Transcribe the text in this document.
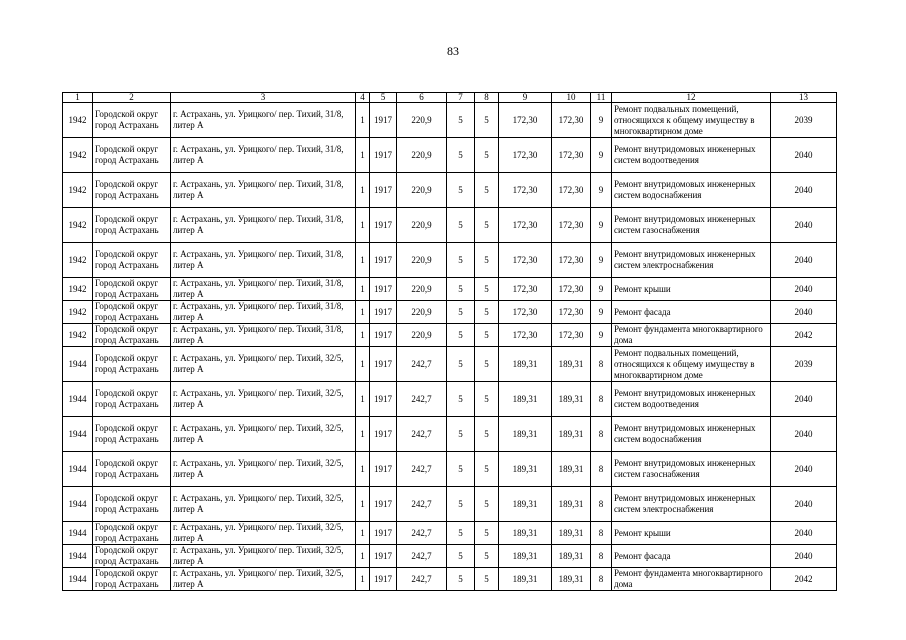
83
1	2	3	4	5	6	7	8	9	10	11	12	13
1942	Городской округ город Астрахань	г. Астрахань, ул. Урицкого/ пер. Тихий, 31/8, литер А	1	1917	220,9	5	5	172,30	172,30	9	Ремонт подвальных помещений, относящихся к общему имуществу в многоквартирном доме	2039
1942	Городской округ город Астрахань	г. Астрахань, ул. Урицкого/ пер. Тихий, 31/8, литер А	1	1917	220,9	5	5	172,30	172,30	9	Ремонт внутридомовых инженерных систем водоотведения	2040
1942	Городской округ город Астрахань	г. Астрахань, ул. Урицкого/ пер. Тихий, 31/8, литер А	1	1917	220,9	5	5	172,30	172,30	9	Ремонт внутридомовых инженерных систем водоснабжения	2040
1942	Городской округ город Астрахань	г. Астрахань, ул. Урицкого/ пер. Тихий, 31/8, литер А	1	1917	220,9	5	5	172,30	172,30	9	Ремонт внутридомовых инженерных систем газоснабжения	2040
1942	Городской округ город Астрахань	г. Астрахань, ул. Урицкого/ пер. Тихий, 31/8, литер А	1	1917	220,9	5	5	172,30	172,30	9	Ремонт внутридомовых инженерных систем электроснабжения	2040
1942	Городской округ город Астрахань	г. Астрахань, ул. Урицкого/ пер. Тихий, 31/8, литер А	1	1917	220,9	5	5	172,30	172,30	9	Ремонт крыши	2040
1942	Городской округ город Астрахань	г. Астрахань, ул. Урицкого/ пер. Тихий, 31/8, литер А	1	1917	220,9	5	5	172,30	172,30	9	Ремонт фасада	2040
1942	Городской округ город Астрахань	г. Астрахань, ул. Урицкого/ пер. Тихий, 31/8, литер А	1	1917	220,9	5	5	172,30	172,30	9	Ремонт фундамента многоквартирного дома	2042
1944	Городской округ город Астрахань	г. Астрахань, ул. Урицкого/ пер. Тихий, 32/5, литер А	1	1917	242,7	5	5	189,31	189,31	8	Ремонт подвальных помещений, относящихся к общему имуществу в многоквартирном доме	2039
1944	Городской округ город Астрахань	г. Астрахань, ул. Урицкого/ пер. Тихий, 32/5, литер А	1	1917	242,7	5	5	189,31	189,31	8	Ремонт внутридомовых инженерных систем водоотведения	2040
1944	Городской округ город Астрахань	г. Астрахань, ул. Урицкого/ пер. Тихий, 32/5, литер А	1	1917	242,7	5	5	189,31	189,31	8	Ремонт внутридомовых инженерных систем водоснабжения	2040
1944	Городской округ город Астрахань	г. Астрахань, ул. Урицкого/ пер. Тихий, 32/5, литер А	1	1917	242,7	5	5	189,31	189,31	8	Ремонт внутридомовых инженерных систем газоснабжения	2040
1944	Городской округ город Астрахань	г. Астрахань, ул. Урицкого/ пер. Тихий, 32/5, литер А	1	1917	242,7	5	5	189,31	189,31	8	Ремонт внутридомовых инженерных систем электроснабжения	2040
1944	Городской округ город Астрахань	г. Астрахань, ул. Урицкого/ пер. Тихий, 32/5, литер А	1	1917	242,7	5	5	189,31	189,31	8	Ремонт крыши	2040
1944	Городской округ город Астрахань	г. Астрахань, ул. Урицкого/ пер. Тихий, 32/5, литер А	1	1917	242,7	5	5	189,31	189,31	8	Ремонт фасада	2040
1944	Городской округ город Астрахань	г. Астрахань, ул. Урицкого/ пер. Тихий, 32/5, литер А	1	1917	242,7	5	5	189,31	189,31	8	Ремонт фундамента многоквартирного дома	2042
